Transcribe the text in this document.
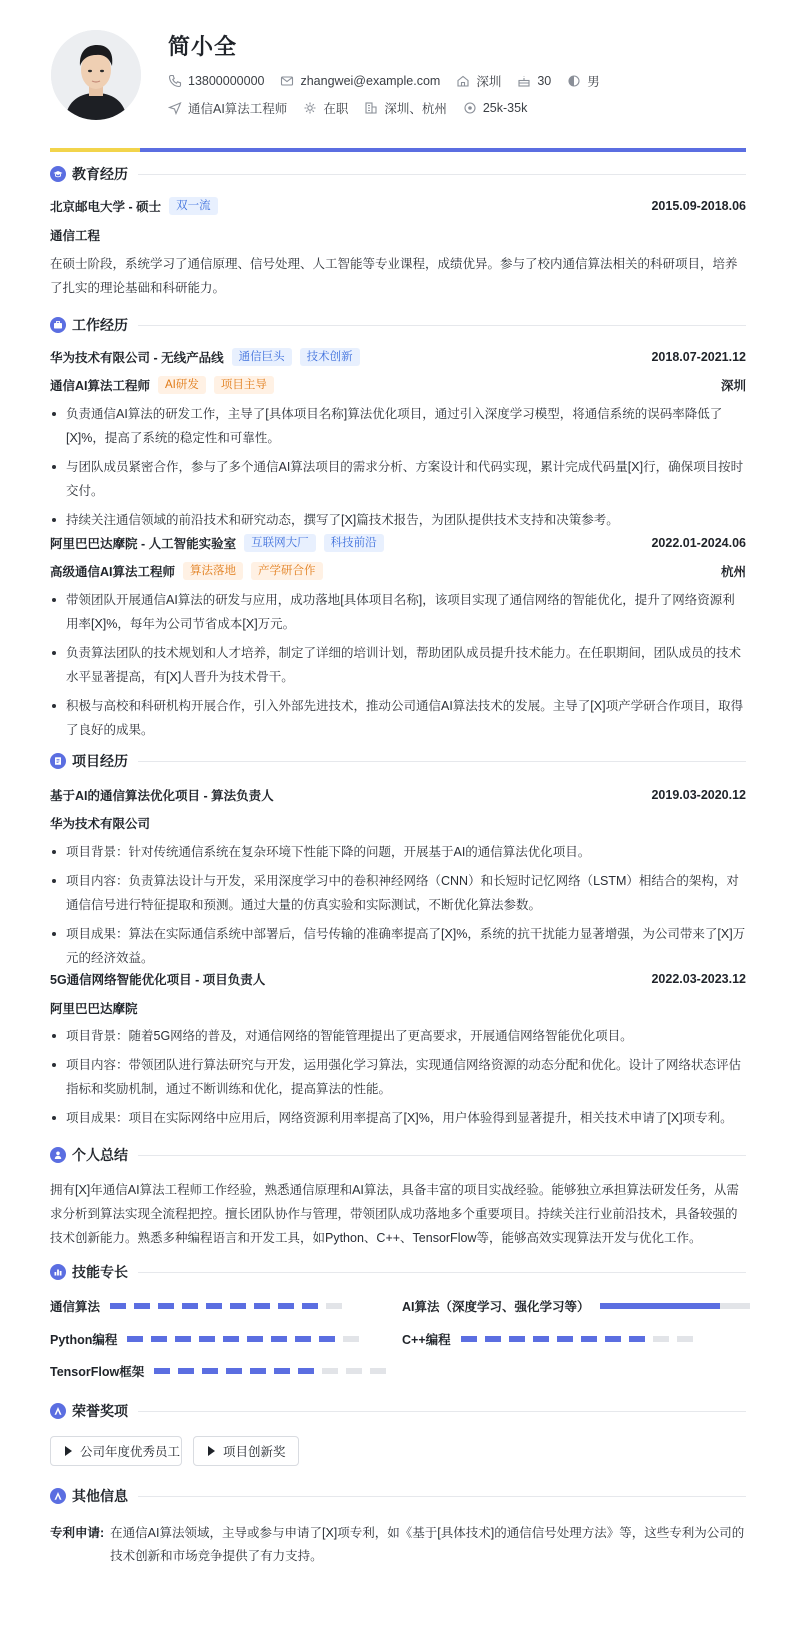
简小全
13800000000	zhangwei@example.com	深圳	30	男
通信AI算法工程师	在职	深圳、杭州	25k-35k
教育经历
北京邮电大学 - 硕士	双一流	2015.09-2018.06
通信工程
在硕士阶段，系统学习了通信原理、信号处理、人工智能等专业课程，成绩优异。参与了校内通信算法相关的科研项目，培养了扎实的理论基础和科研能力。
工作经历
华为技术有限公司 - 无线产品线	通信巨头	技术创新	2018.07-2021.12
通信AI算法工程师	AI研发	项目主导	深圳
负责通信AI算法的研发工作，主导了[具体项目名称]算法优化项目，通过引入深度学习模型，将通信系统的误码率降低了[X]%，提高了系统的稳定性和可靠性。
与团队成员紧密合作，参与了多个通信AI算法项目的需求分析、方案设计和代码实现，累计完成代码量[X]行，确保项目按时交付。
持续关注通信领域的前沿技术和研究动态，撰写了[X]篇技术报告，为团队提供技术支持和决策参考。
阿里巴巴达摩院 - 人工智能实验室	互联网大厂	科技前沿	2022.01-2024.06
高级通信AI算法工程师	算法落地	产学研合作	杭州
带领团队开展通信AI算法的研发与应用，成功落地[具体项目名称]，该项目实现了通信网络的智能优化，提升了网络资源利用率[X]%，每年为公司节省成本[X]万元。
负责算法团队的技术规划和人才培养，制定了详细的培训计划，帮助团队成员提升技术能力。在任职期间，团队成员的技术水平显著提高，有[X]人晋升为技术骨干。
积极与高校和科研机构开展合作，引入外部先进技术，推动公司通信AI算法技术的发展。主导了[X]项产学研合作项目，取得了良好的成果。
项目经历
基于AI的通信算法优化项目 - 算法负责人	2019.03-2020.12
华为技术有限公司
项目背景：针对传统通信系统在复杂环境下性能下降的问题，开展基于AI的通信算法优化项目。
项目内容：负责算法设计与开发，采用深度学习中的卷积神经网络（CNN）和长短时记忆网络（LSTM）相结合的架构，对通信信号进行特征提取和预测。通过大量的仿真实验和实际测试，不断优化算法参数。
项目成果：算法在实际通信系统中部署后，信号传输的准确率提高了[X]%，系统的抗干扰能力显著增强，为公司带来了[X]万元的经济效益。
5G通信网络智能优化项目 - 项目负责人	2022.03-2023.12
阿里巴巴达摩院
项目背景：随着5G网络的普及，对通信网络的智能管理提出了更高要求，开展通信网络智能优化项目。
项目内容：带领团队进行算法研究与开发，运用强化学习算法，实现通信网络资源的动态分配和优化。设计了网络状态评估指标和奖励机制，通过不断训练和优化，提高算法的性能。
项目成果：项目在实际网络中应用后，网络资源利用率提高了[X]%，用户体验得到显著提升，相关技术申请了[X]项专利。
个人总结
拥有[X]年通信AI算法工程师工作经验，熟悉通信原理和AI算法，具备丰富的项目实战经验。能够独立承担算法研发任务，从需求分析到算法实现全流程把控。擅长团队协作与管理，带领团队成功落地多个重要项目。持续关注行业前沿技术，具备较强的技术创新能力。熟悉多种编程语言和开发工具，如Python、C++、TensorFlow等，能够高效实现算法开发与优化工作。
技能专长
通信算法	AI算法（深度学习、强化学习等）
Python编程	C++编程
TensorFlow框架
荣誉奖项
公司年度优秀员工	项目创新奖
其他信息
专利申请: 在通信AI算法领域，主导或参与申请了[X]项专利，如《基于[具体技术]的通信信号处理方法》等，这些专利为公司的技术创新和市场竞争提供了有力支持。
